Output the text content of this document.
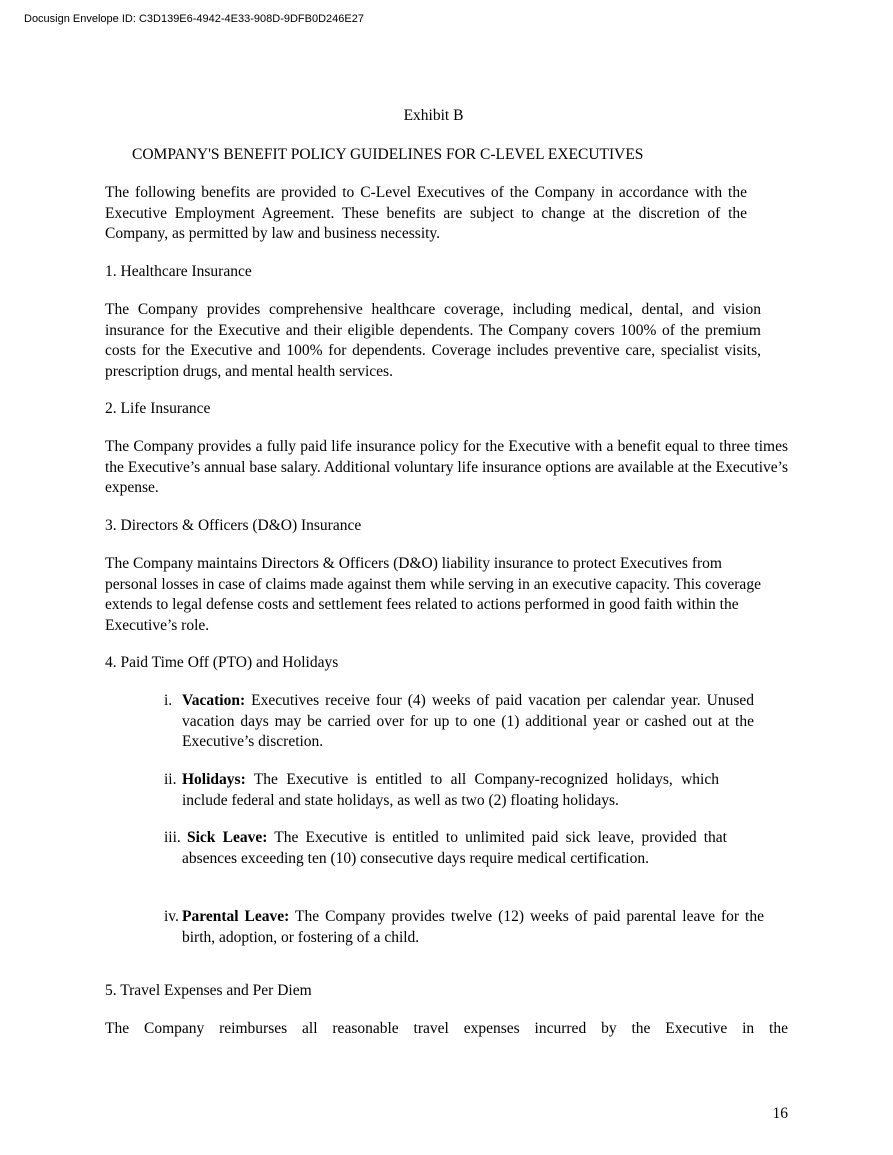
Docusign Envelope ID: C3D139E6-4942-4E33-908D-9DFB0D246E27

Exhibit B

COMPANY'S BENEFIT POLICY GUIDELINES FOR C-LEVEL EXECUTIVES

The following benefits are provided to C-Level Executives of the Company in accordance with the Executive Employment Agreement. These benefits are subject to change at the discretion of the Company, as permitted by law and business necessity.

1. Healthcare Insurance

The Company provides comprehensive healthcare coverage, including medical, dental, and vision insurance for the Executive and their eligible dependents. The Company covers 100% of the premium costs for the Executive and 100% for dependents. Coverage includes preventive care, specialist visits, prescription drugs, and mental health services.

2. Life Insurance

The Company provides a fully paid life insurance policy for the Executive with a benefit equal to three times the Executive’s annual base salary. Additional voluntary life insurance options are available at the Executive’s expense.

3. Directors & Officers (D&O) Insurance

The Company maintains Directors & Officers (D&O) liability insurance to protect Executives from personal losses in case of claims made against them while serving in an executive capacity. This coverage extends to legal defense costs and settlement fees related to actions performed in good faith within the Executive’s role.

4. Paid Time Off (PTO) and Holidays

i. Vacation: Executives receive four (4) weeks of paid vacation per calendar year. Unused vacation days may be carried over for up to one (1) additional year or cashed out at the Executive’s discretion.
ii. Holidays: The Executive is entitled to all Company-recognized holidays, which include federal and state holidays, as well as two (2) floating holidays.
iii. Sick Leave: The Executive is entitled to unlimited paid sick leave, provided that absences exceeding ten (10) consecutive days require medical certification.
iv. Parental Leave: The Company provides twelve (12) weeks of paid parental leave for the birth, adoption, or fostering of a child.

5. Travel Expenses and Per Diem

The Company reimburses all reasonable travel expenses incurred by the Executive in the

16
